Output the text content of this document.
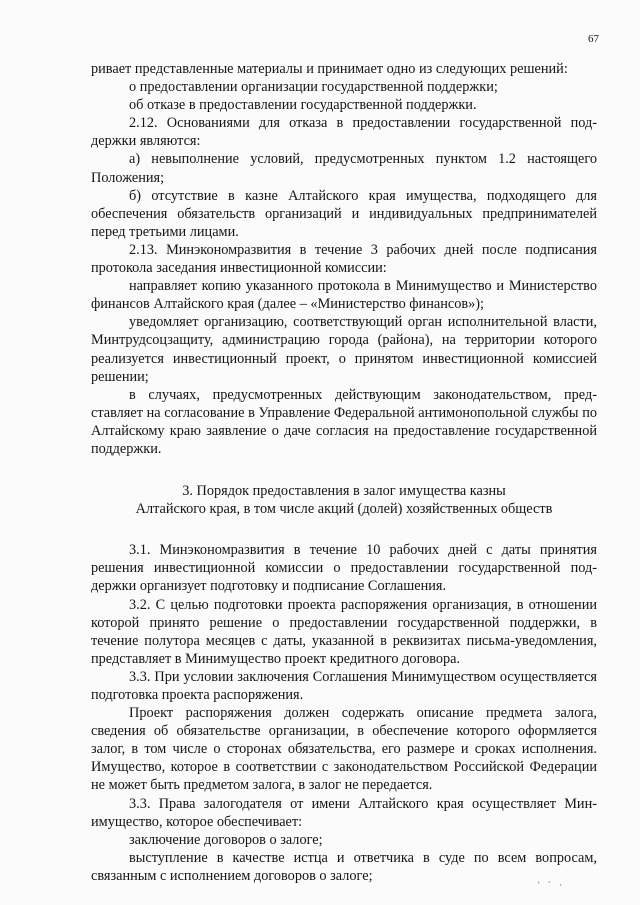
67

ривает представленные материалы и принимает одно из следующих решений:

о предоставлении организации государственной поддержки;

об отказе в предоставлении государственной поддержки.

2.12. Основаниями для отказа в предоставлении государственной поддержки являются:

а) невыполнение условий, предусмотренных пунктом 1.2 настоящего Положения;

б) отсутствие в казне Алтайского края имущества, подходящего для обеспечения обязательств организаций и индивидуальных предпринимателей перед третьими лицами.

2.13. Минэкономразвития в течение 3 рабочих дней после подписания протокола заседания инвестиционной комиссии:

направляет копию указанного протокола в Минимущество и Министерство финансов Алтайского края (далее – «Министерство финансов»);

уведомляет организацию, соответствующий орган исполнительной власти, Минтрудсоцзащиту, администрацию города (района), на территории которого реализуется инвестиционный проект, о принятом инвестиционной комиссией решении;

в случаях, предусмотренных действующим законодательством, представляет на согласование в Управление Федеральной антимонопольной службы по Алтайскому краю заявление о даче согласия на предоставление государственной поддержки.

3. Порядок предоставления в залог имущества казны
Алтайского края, в том числе акций (долей) хозяйственных обществ

3.1. Минэкономразвития в течение 10 рабочих дней с даты принятия решения инвестиционной комиссии о предоставлении государственной поддержки организует подготовку и подписание Соглашения.

3.2. С целью подготовки проекта распоряжения организация, в отношении которой принято решение о предоставлении государственной поддержки, в течение полутора месяцев с даты, указанной в реквизитах письма-уведомления, представляет в Минимущество проект кредитного договора.

3.3. При условии заключения Соглашения Минимуществом осуществляется подготовка проекта распоряжения.

Проект распоряжения должен содержать описание предмета залога, сведения об обязательстве организации, в обеспечение которого оформляется залог, в том числе о сторонах обязательства, его размере и сроках исполнения. Имущество, которое в соответствии с законодательством Российской Федерации не может быть предметом залога, в залог не передается.

3.3. Права залогодателя от имени Алтайского края осуществляет Минимущество, которое обеспечивает:

заключение договоров о залоге;

выступление в качестве истца и ответчика в суде по всем вопросам, связанным с исполнением договоров о залоге;

' ` ·
